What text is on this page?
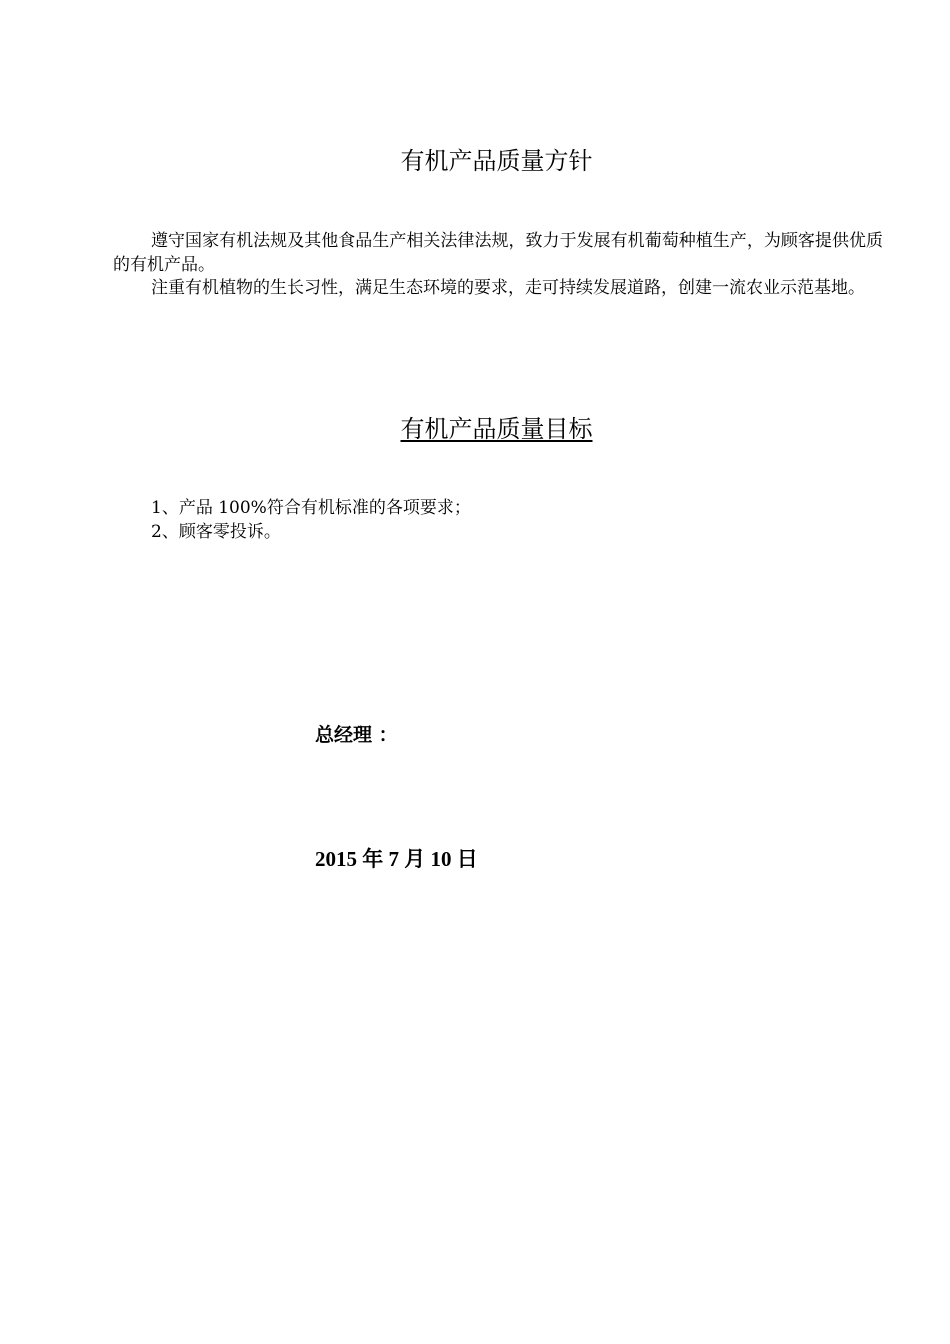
有机产品质量方针

遵守国家有机法规及其他食品生产相关法律法规，致力于发展有机葡萄种植生产，为顾客提供优质的有机产品。

注重有机植物的生长习性，满足生态环境的要求，走可持续发展道路，创建一流农业示范基地。

有机产品质量目标

1、产品 100%符合有机标准的各项要求；

2、顾客零投诉。

总经理 ：
2015 年 7 月 10 日
